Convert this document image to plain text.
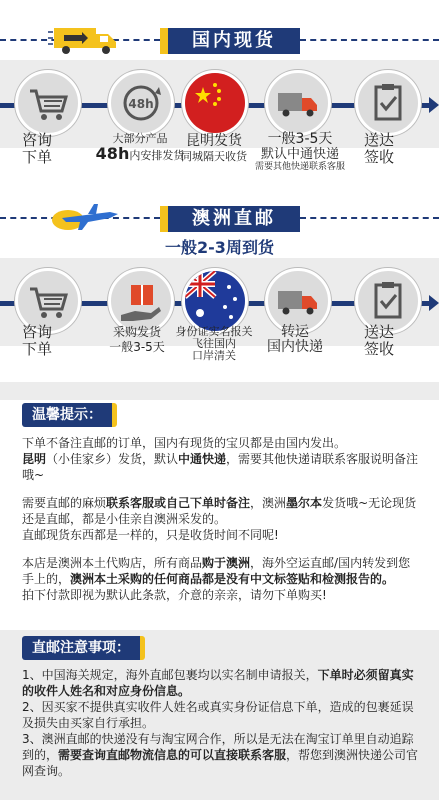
国内现货
48h
咨询
下单
大部分产品
48h内安排发货
昆明发货
同城隔天收货
一般3-5天
默认中通快递
需要其他快递联系客服
送达
签收
澳洲直邮
一般2-3周到货
咨询
下单
采购发货
一般3-5天
身份证实名报关
飞往国内
口岸清关
转运
国内快递
送达
签收
温馨提示：
下单不备注直邮的订单，国内有现货的宝贝都是由国内发出。
昆明（小佳家乡）发货，默认中通快递，需要其他快递请联系客服说明备注哦~
需要直邮的麻烦联系客服或自己下单时备注，澳洲墨尔本发货哦~无论现货还是直邮，都是小佳亲自澳洲采发的。
直邮现货东西都是一样的，只是收货时间不同呢!
本店是澳洲本土代购店，所有商品购于澳洲，海外空运直邮/国内转发到您手上的，澳洲本土采购的任何商品都是没有中文标签贴和检测报告的。
拍下付款即视为默认此条款，介意的亲亲，请勿下单购买!
直邮注意事项：
1、中国海关规定，海外直邮包裹均以实名制申请报关，下单时必须留真实的收件人姓名和对应身份信息。
2、因买家不提供真实收件人姓名或真实身份证信息下单，造成的包裹延误及损失由买家自行承担。
3、澳洲直邮的快递没有与淘宝网合作，所以是无法在淘宝订单里自动追踪到的，需要查询直邮物流信息的可以直接联系客服，帮您到澳洲快递公司官网查询。
